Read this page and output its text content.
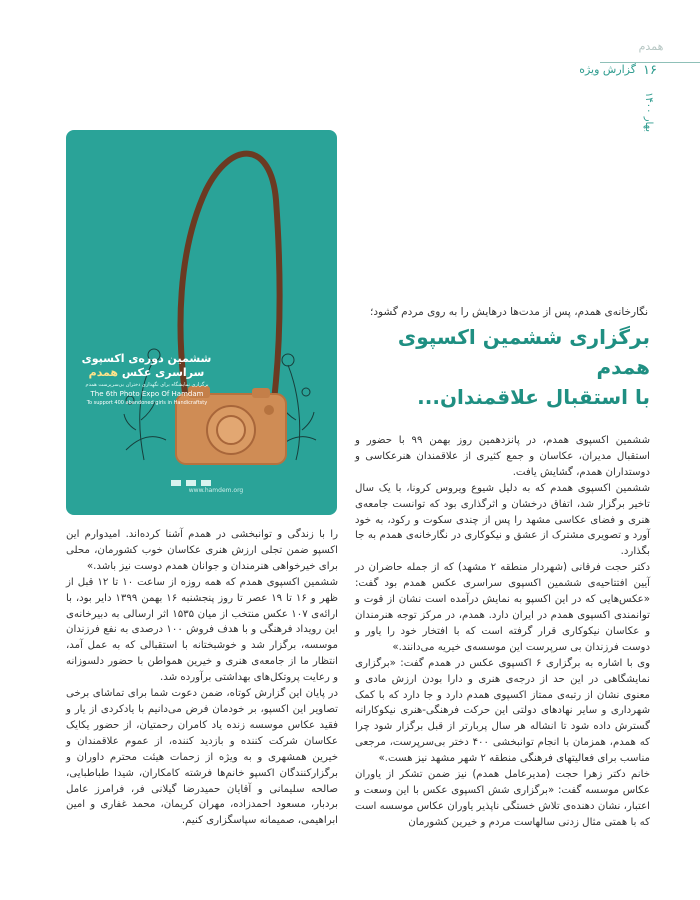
همدم
۱۶
گزارش ویژه
بهار ۱۴۰۰
ششمین دوره‌ی اکسپوی
سراسری عکس همدم
برگزاری نمایشگاه برای نگهداری دختران بی‌سرپرست همدم
The 6th Photo Expo Of Hamdam
To support 400 abandoned girls in Handicraftsty
www.hamdem.org
نگارخانه‌ی همدم، پس از مدت‌ها درهایش را به روی مردم گشود؛
برگزاری ششمین اکسپوی همدم
با استقبال علاقمندان...

ششمین اکسپوی همدم، در پانزدهمین روز بهمن ۹۹ با حضور و استقبال مدیران، عکاسان و جمع کثیری از علاقمندان هنرعکاسی و دوستداران همدم، گشایش یافت.

ششمین اکسپوی همدم که به دلیل شیوع ویروس کرونا، با یک سال تاخیر برگزار شد، اتفاق درخشان و اثرگذاری بود که توانست جامعه‌ی هنری و فضای عکاسی مشهد را پس از چندی سکوت و رکود، به خود آورد و تصویری مشترک از عشق و نیکوکاری در نگارخانه‌ی همدم به جا بگذارد.

دکتر حجت فرقانی (شهردار منطقه ۲ مشهد) که از جمله حاضران در آیین افتتاحیه‌ی ششمین اکسپوی سراسری عکس همدم بود گفت: «عکس‌هایی که در این اکسپو به نمایش درآمده است نشان از قوت و توانمندی اکسپوی همدم در ایران دارد. همدم، در مرکز توجه هنرمندان و عکاسان نیکوکاری قرار گرفته است که با افتخار خود را یاور و دوست فرزندان بی سرپرست این موسسه‌ی خیریه می‌دانند.»

وی با اشاره به برگزاری ۶ اکسپوی عکس در همدم گفت: «برگزاری نمایشگاهی در این حد از درجه‌ی هنری و دارا بودن ارزش مادی و معنوی نشان از رتبه‌ی ممتاز اکسپوی همدم دارد و جا دارد که با کمک شهرداری و سایر نهادهای دولتی این حرکت فرهنگی-هنری نیکوکارانه گسترش داده شود تا انشاله هر سال پربارتر از قبل برگزار شود چرا که همدم، همزمان با انجام توانبخشی ۴۰۰ دختر بی‌سرپرست، مرجعی مناسب برای فعالیتهای فرهنگی منطقه ۲ شهر مشهد نیز هست.»

خانم دکتر زهرا حجت (مدیرعامل همدم) نیز ضمن تشکر از یاوران عکاس موسسه گفت: «برگزاری شش اکسپوی عکس با این وسعت و اعتبار، نشان دهنده‌ی تلاش خستگی ناپذیر یاوران عکاس موسسه است که با همتی مثال زدنی سالهاست مردم و خیرین کشورمان

را با زندگی و توانبخشی در همدم آشنا کرده‌اند. امیدوارم این اکسپو ضمن تجلی ارزش هنری عکاسان خوب کشورمان، محلی برای خیرخواهی هنرمندان و جوانان همدم دوست نیز باشد.»

ششمین اکسپوی همدم که همه روزه از ساعت ۱۰ تا ۱۲ قبل از ظهر و ۱۶ تا ۱۹ عصر تا روز پنجشنبه ۱۶ بهمن ۱۳۹۹ دایر بود، با ارائه‌ی ۱۰۷ عکس منتخب از میان ۱۵۳۵ اثر ارسالی به دبیرخانه‌ی این رویداد فرهنگی و با هدف فروش ۱۰۰ درصدی به نفع فرزندان موسسه، برگزار شد و خوشبختانه با استقبالی که به عمل آمد، انتظار ما از جامعه‌ی هنری و خیرین همواطن با حضور دلسوزانه و رعایت پروتکل‌های بهداشتی برآورده شد.

در پایان این گزارش کوتاه، ضمن دعوت شما برای تماشای برخی تصاویر این اکسپو، بر خودمان فرض می‌دانیم با یادکردی از یار و فقید عکاس موسسه زنده یاد کامران رحمتیان، از حضور یکایک عکاسان شرکت کننده و بازدید کننده، از عموم علاقمندان و خیرین همشهری و به ویژه از زحمات هیئت محترم داوران و برگزارکنندگان اکسپو خانم‌ها فرشته کامکاران، شیدا طباطبایی، صالحه سلیمانی و آقایان حمیدرضا گیلانی فر، فرامرز عامل بردبار، مسعود احمدزاده، مهران کریمان، محمد غفاری و امین ابراهیمی، صمیمانه سپاسگزاری کنیم.
